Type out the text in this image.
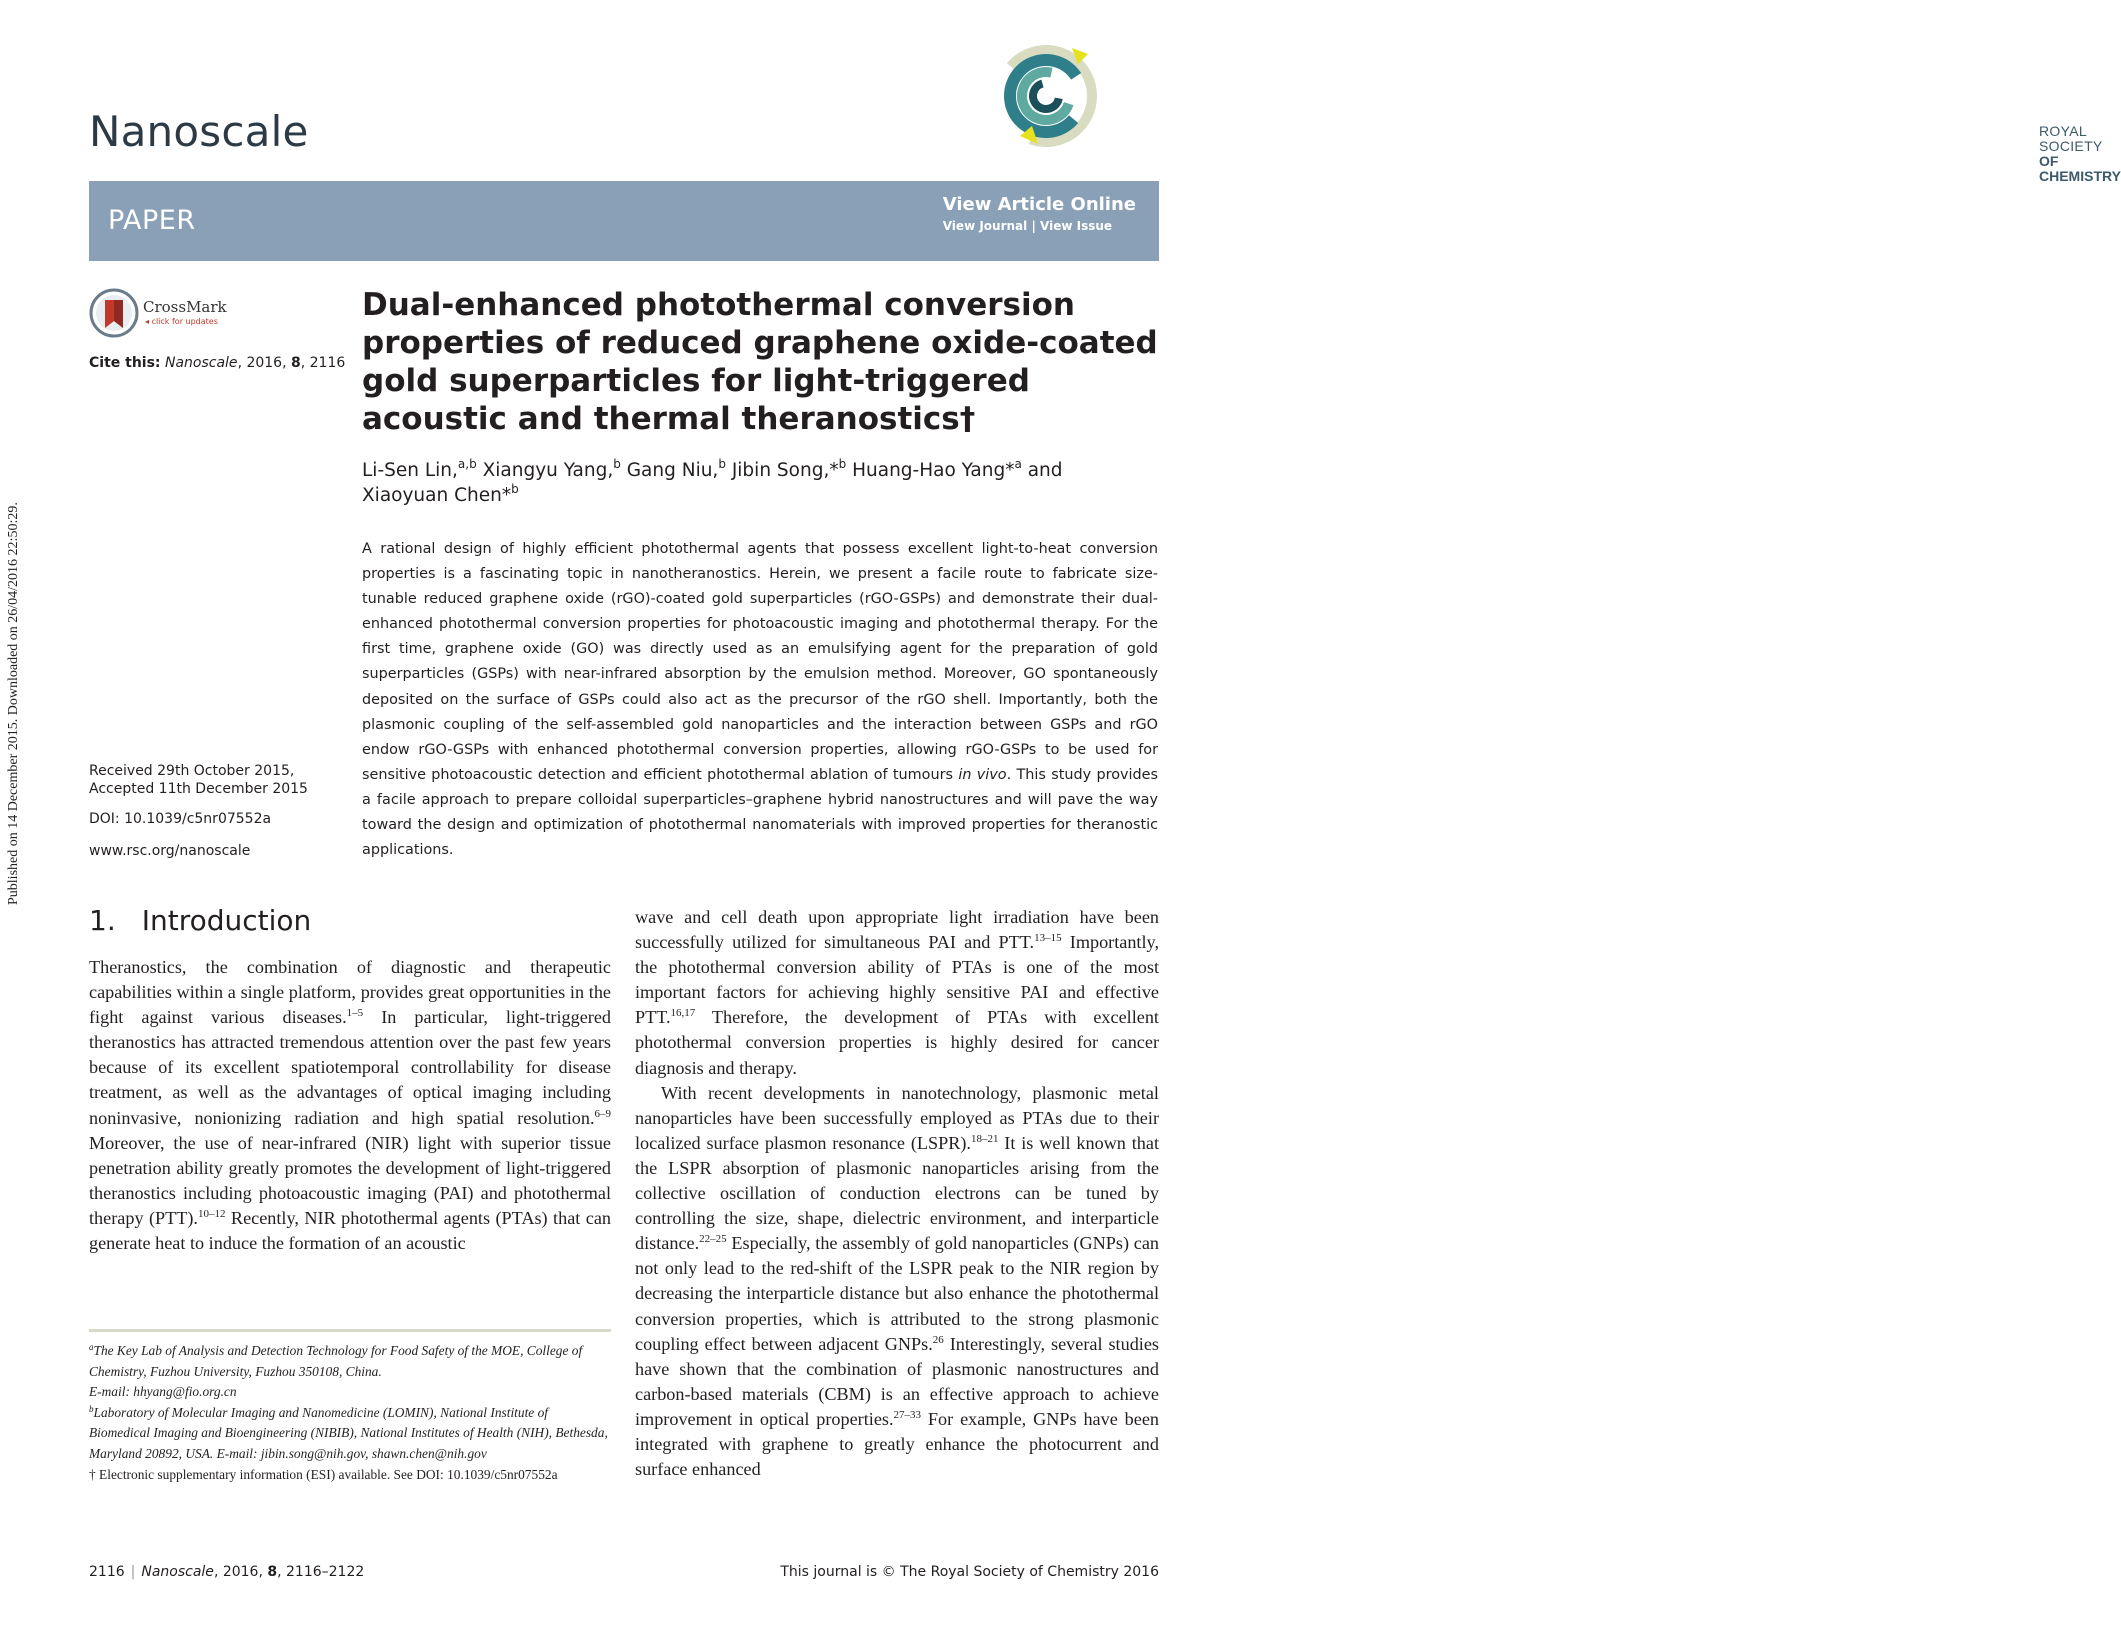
Published on 14 December 2015. Downloaded on 26/04/2016 22:50:29.
Nanoscale	ROYAL SOCIETY
OF CHEMISTRY
PAPER
View Article Online
View Journal | View Issue
CrossMark
◂ click for updates
Cite this: Nanoscale, 2016, 8, 2116
Dual-enhanced photothermal conversion properties of reduced graphene oxide-coated gold superparticles for light-triggered acoustic and thermal theranostics†
Li-Sen Lin,$^{a,b}$ Xiangyu Yang,$^b$ Gang Niu,$^b$ Jibin Song,*$^b$ Huang-Hao Yang*$^a$ and
Xiaoyuan Chen*$^b$
A rational design of highly efficient photothermal agents that possess excellent light-to-heat conversion properties is a fascinating topic in nanotheranostics. Herein, we present a facile route to fabricate size-tunable reduced graphene oxide (rGO)-coated gold superparticles (rGO-GSPs) and demonstrate their dual-enhanced photothermal conversion properties for photoacoustic imaging and photothermal therapy. For the first time, graphene oxide (GO) was directly used as an emulsifying agent for the preparation of gold superparticles (GSPs) with near-infrared absorption by the emulsion method. Moreover, GO spontaneously deposited on the surface of GSPs could also act as the precursor of the rGO shell. Importantly, both the plasmonic coupling of the self-assembled gold nanoparticles and the interaction between GSPs and rGO endow rGO-GSPs with enhanced photothermal conversion properties, allowing rGO-GSPs to be used for sensitive photoacoustic detection and efficient photothermal ablation of tumours in vivo. This study provides a facile approach to prepare colloidal superparticles–graphene hybrid nanostructures and will pave the way toward the design and optimization of photothermal nanomaterials with improved properties for theranostic applications.
Received 29th October 2015,
Accepted 11th December 2015
DOI: 10.1039/c5nr07552a
www.rsc.org/nanoscale
1. Introduction

Theranostics, the combination of diagnostic and therapeutic capabilities within a single platform, provides great opportunities in the fight against various diseases.$^{1-5}$ In particular, light-triggered theranostics has attracted tremendous attention over the past few years because of its excellent spatiotemporal controllability for disease treatment, as well as the advantages of optical imaging including noninvasive, nonionizing radiation and high spatial resolution.$^{6-9}$ Moreover, the use of near-infrared (NIR) light with superior tissue penetration ability greatly promotes the development of light-triggered theranostics including photoacoustic imaging (PAI) and photothermal therapy (PTT).$^{10-12}$ Recently, NIR photothermal agents (PTAs) that can generate heat to induce the formation of an acoustic

wave and cell death upon appropriate light irradiation have been successfully utilized for simultaneous PAI and PTT.$^{13-15}$ Importantly, the photothermal conversion ability of PTAs is one of the most important factors for achieving highly sensitive PAI and effective PTT.$^{16,17}$ Therefore, the development of PTAs with excellent photothermal conversion properties is highly desired for cancer diagnosis and therapy.

With recent developments in nanotechnology, plasmonic metal nanoparticles have been successfully employed as PTAs due to their localized surface plasmon resonance (LSPR).$^{18-21}$ It is well known that the LSPR absorption of plasmonic nanoparticles arising from the collective oscillation of conduction electrons can be tuned by controlling the size, shape, dielectric environment, and interparticle distance.$^{22-25}$ Especially, the assembly of gold nanoparticles (GNPs) can not only lead to the red-shift of the LSPR peak to the NIR region by decreasing the interparticle distance but also enhance the photothermal conversion properties, which is attributed to the strong plasmonic coupling effect between adjacent GNPs.$^{26}$ Interestingly, several studies have shown that the combination of plasmonic nanostructures and carbon-based materials (CBM) is an effective approach to achieve improvement in optical properties.$^{27-33}$ For example, GNPs have been integrated with graphene to greatly enhance the photocurrent and surface enhanced

$^a$The Key Lab of Analysis and Detection Technology for Food Safety of the MOE, College of Chemistry, Fuzhou University, Fuzhou 350108, China.
E-mail: hhyang@fio.org.cn
$^b$Laboratory of Molecular Imaging and Nanomedicine (LOMIN), National Institute of Biomedical Imaging and Bioengineering (NIBIB), National Institutes of Health (NIH), Bethesda, Maryland 20892, USA. E-mail: jibin.song@nih.gov, shawn.chen@nih.gov
† Electronic supplementary information (ESI) available. See DOI: 10.1039/c5nr07552a
2116 | Nanoscale, 2016, 8, 2116–2122	This journal is © The Royal Society of Chemistry 2016
